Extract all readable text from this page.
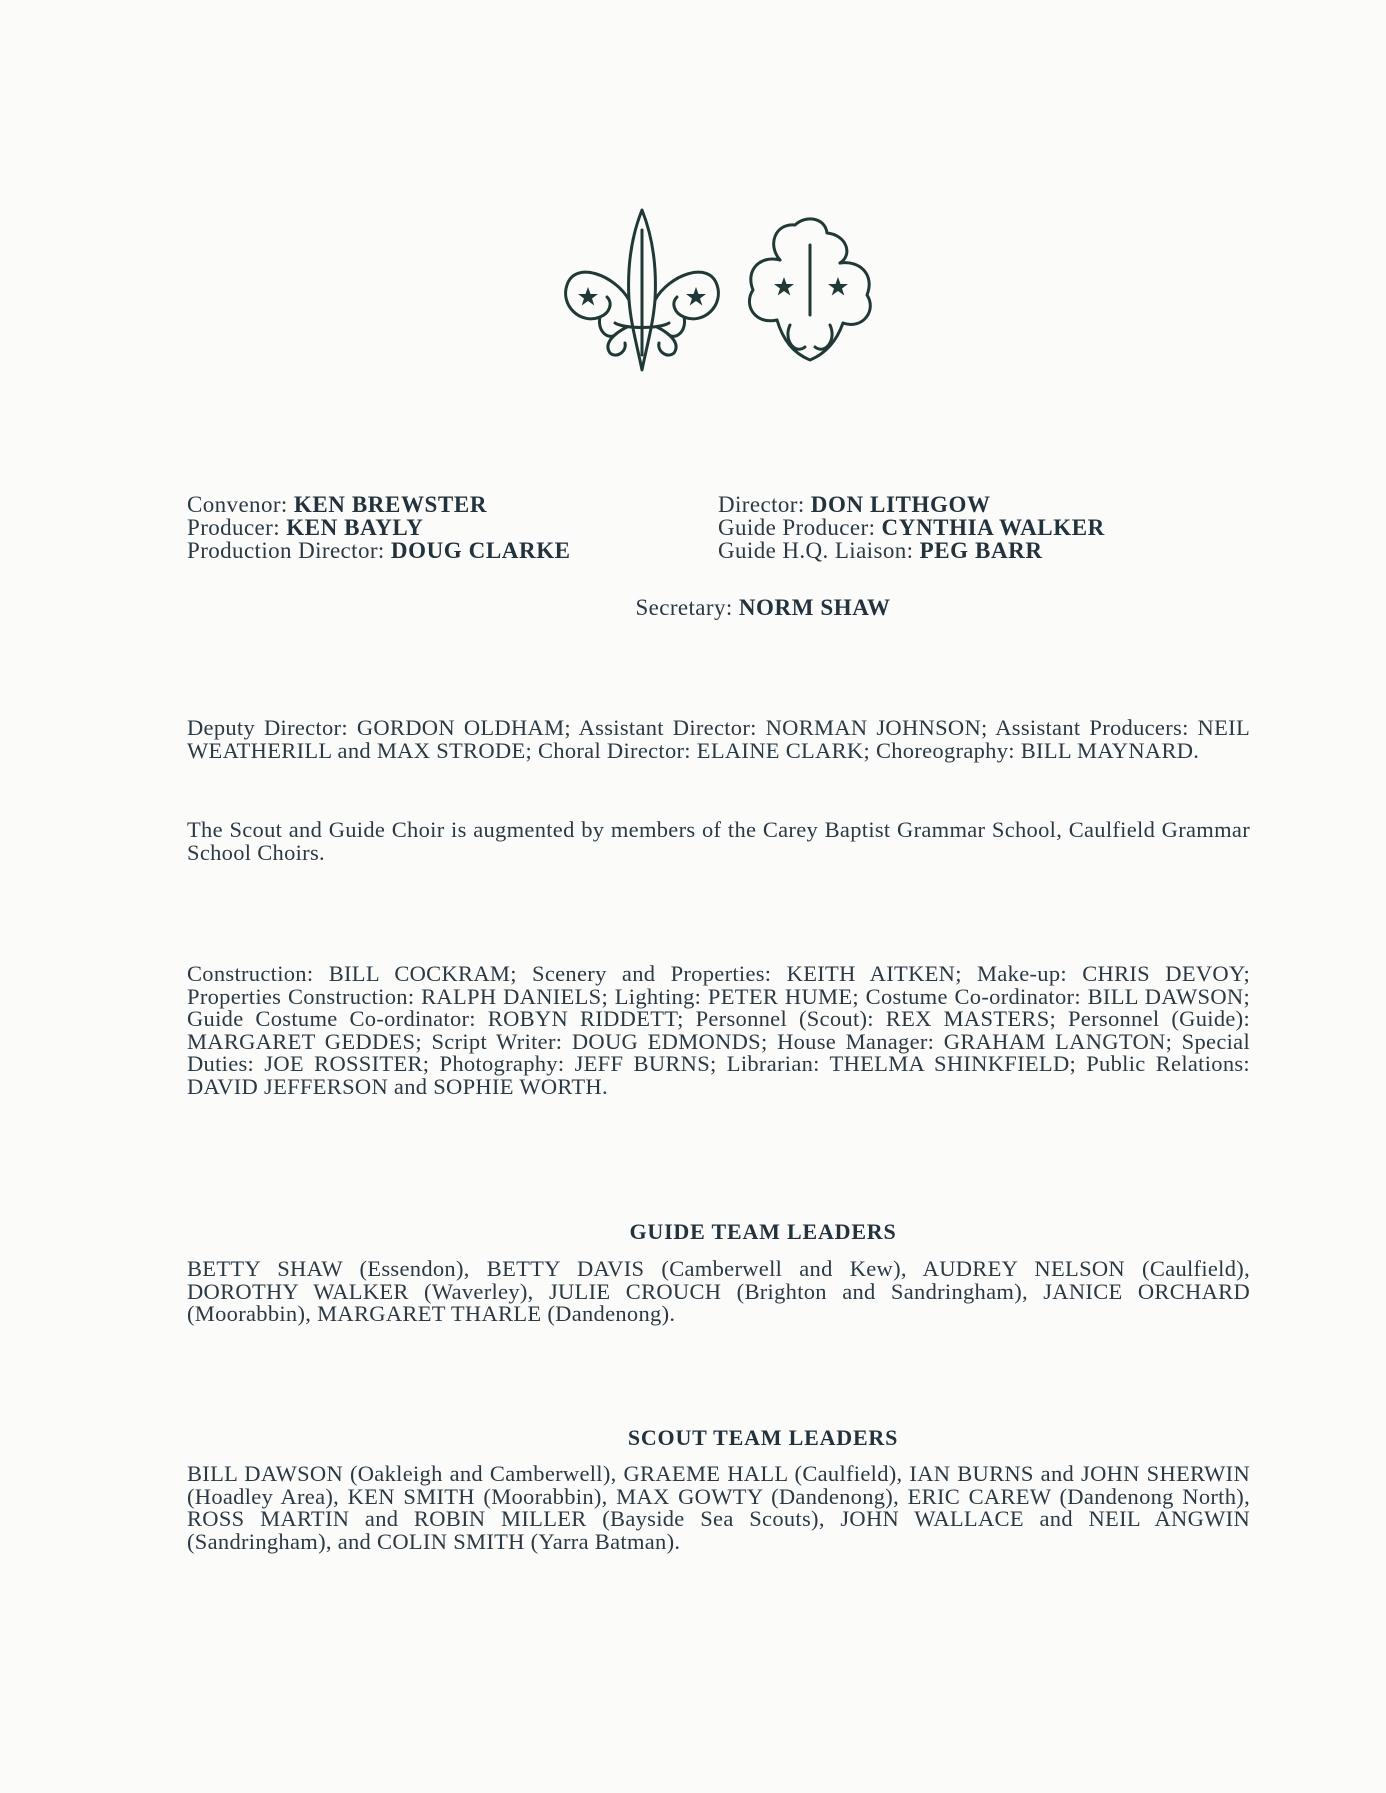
Convenor: KEN BREWSTER
Producer: KEN BAYLY
Production Director: DOUG CLARKE
Director: DON LITHGOW
Guide Producer: CYNTHIA WALKER
Guide H.Q. Liaison: PEG BARR
Secretary: NORM SHAW
Deputy Director: GORDON OLDHAM; Assistant Director: NORMAN JOHNSON; Assistant Producers: NEIL WEATHERILL and MAX STRODE; Choral Director: ELAINE CLARK; Choreography: BILL MAYNARD.
The Scout and Guide Choir is augmented by members of the Carey Baptist Grammar School, Caulfield Grammar School Choirs.
Construction: BILL COCKRAM; Scenery and Properties: KEITH AITKEN; Make-up: CHRIS DEVOY; Properties Construction: RALPH DANIELS; Lighting: PETER HUME; Costume Co-ordinator: BILL DAWSON; Guide Costume Co-ordinator: ROBYN RIDDETT; Personnel (Scout): REX MASTERS; Personnel (Guide): MARGARET GEDDES; Script Writer: DOUG EDMONDS; House Manager: GRAHAM LANGTON; Special Duties: JOE ROSSITER; Photography: JEFF BURNS; Librarian: THELMA SHINKFIELD; Public Relations: DAVID JEFFERSON and SOPHIE WORTH.
GUIDE TEAM LEADERS
BETTY SHAW (Essendon), BETTY DAVIS (Camberwell and Kew), AUDREY NELSON (Caulfield), DOROTHY WALKER (Waverley), JULIE CROUCH (Brighton and Sandringham), JANICE ORCHARD (Moorabbin), MARGARET THARLE (Dandenong).
SCOUT TEAM LEADERS
BILL DAWSON (Oakleigh and Camberwell), GRAEME HALL (Caulfield), IAN BURNS and JOHN SHERWIN (Hoadley Area), KEN SMITH (Moorabbin), MAX GOWTY (Dandenong), ERIC CAREW (Dandenong North), ROSS MARTIN and ROBIN MILLER (Bayside Sea Scouts), JOHN WALLACE and NEIL ANGWIN (Sandringham), and COLIN SMITH (Yarra Batman).
